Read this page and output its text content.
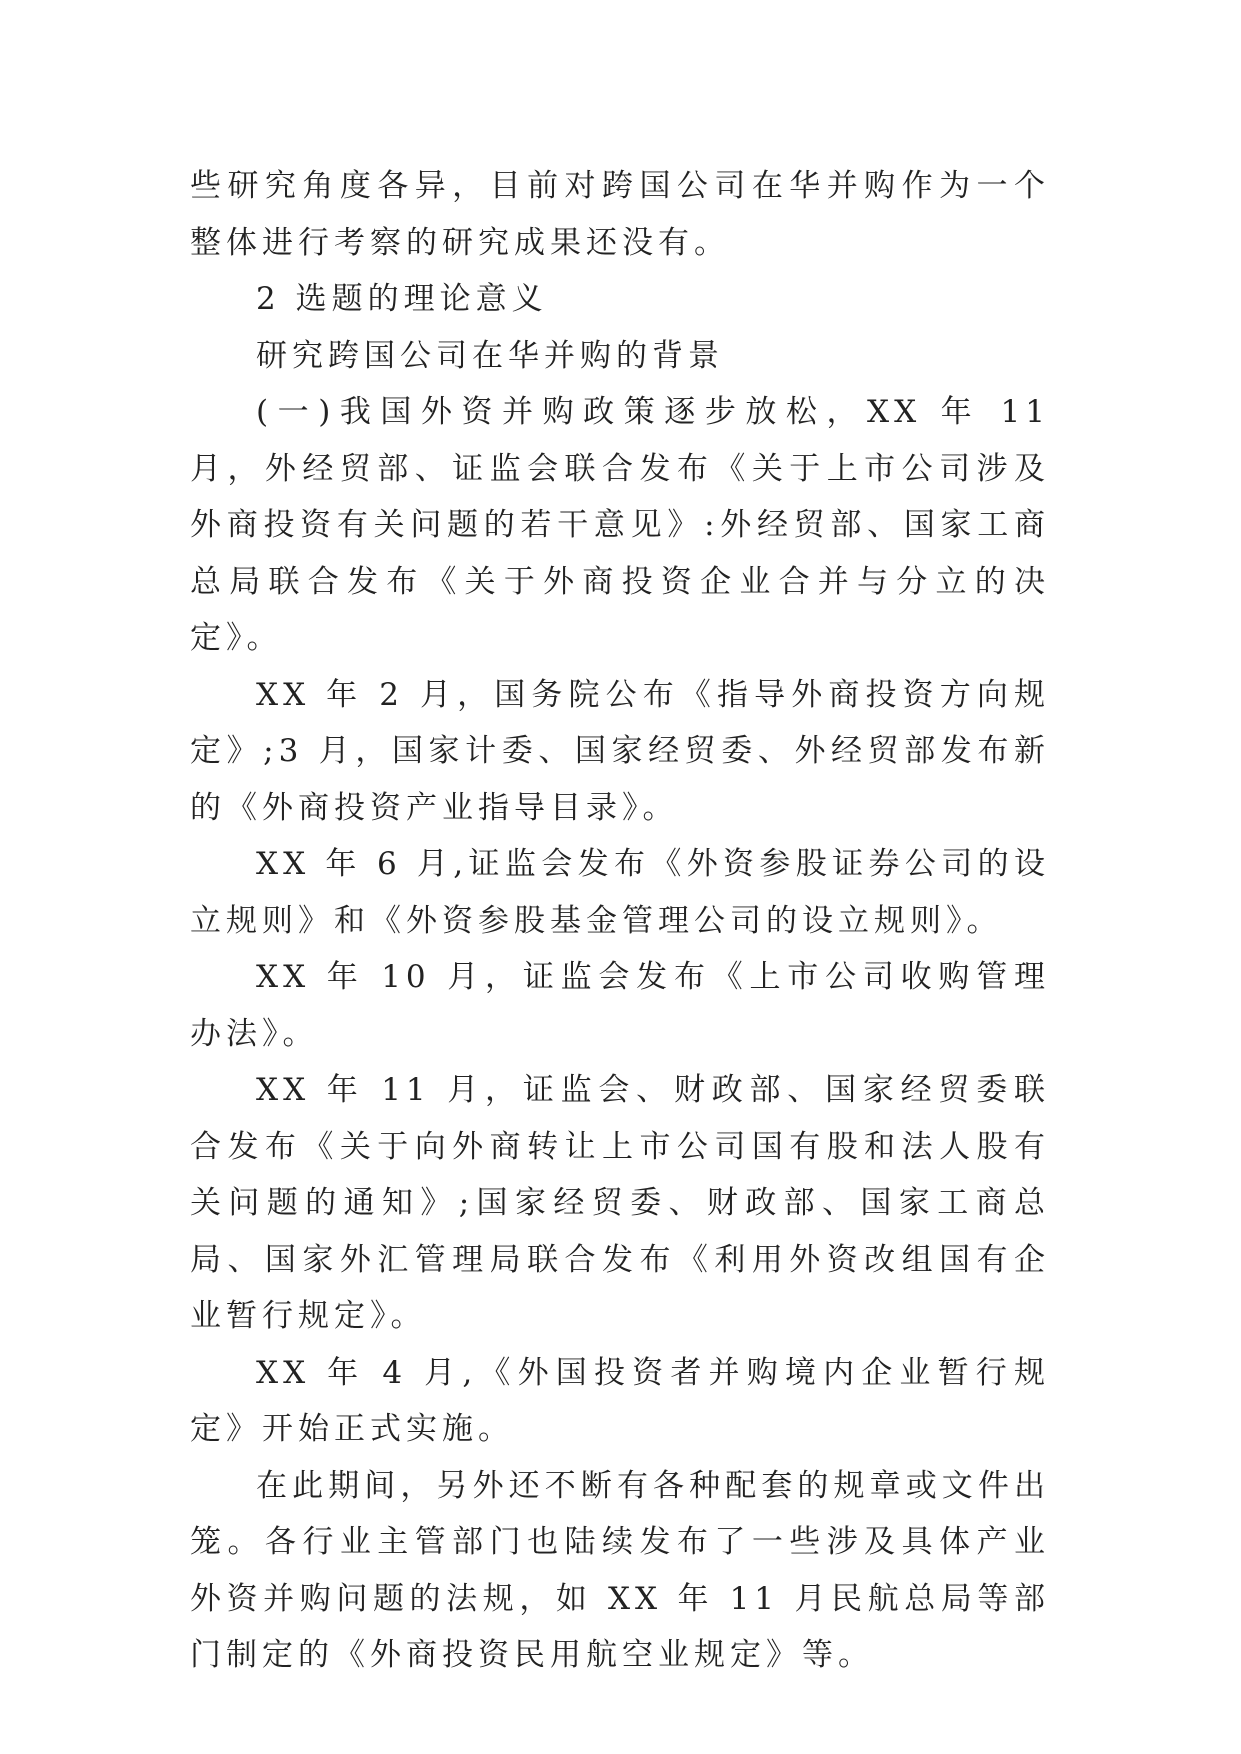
些研究角度各异，目前对跨国公司在华并购作为一个整体进行考察的研究成果还没有。

2 选题的理论意义

研究跨国公司在华并购的背景

(一)我国外资并购政策逐步放松，XX 年 11 月，外经贸部、证监会联合发布《关于上市公司涉及外商投资有关问题的若干意见》:外经贸部、国家工商总局联合发布《关于外商投资企业合并与分立的决定》。

XX 年 2 月，国务院公布《指导外商投资方向规定》;3 月，国家计委、国家经贸委、外经贸部发布新的《外商投资产业指导目录》。

XX 年 6 月,证监会发布《外资参股证券公司的设立规则》和《外资参股基金管理公司的设立规则》。

XX 年 10 月，证监会发布《上市公司收购管理办法》。

XX 年 11 月，证监会、财政部、国家经贸委联合发布《关于向外商转让上市公司国有股和法人股有关问题的通知》;国家经贸委、财政部、国家工商总局、国家外汇管理局联合发布《利用外资改组国有企业暂行规定》。

XX 年 4 月,《外国投资者并购境内企业暂行规定》开始正式实施。

在此期间，另外还不断有各种配套的规章或文件出笼。各行业主管部门也陆续发布了一些涉及具体产业外资并购问题的法规，如 XX 年 11 月民航总局等部门制定的《外商投资民用航空业规定》等。
